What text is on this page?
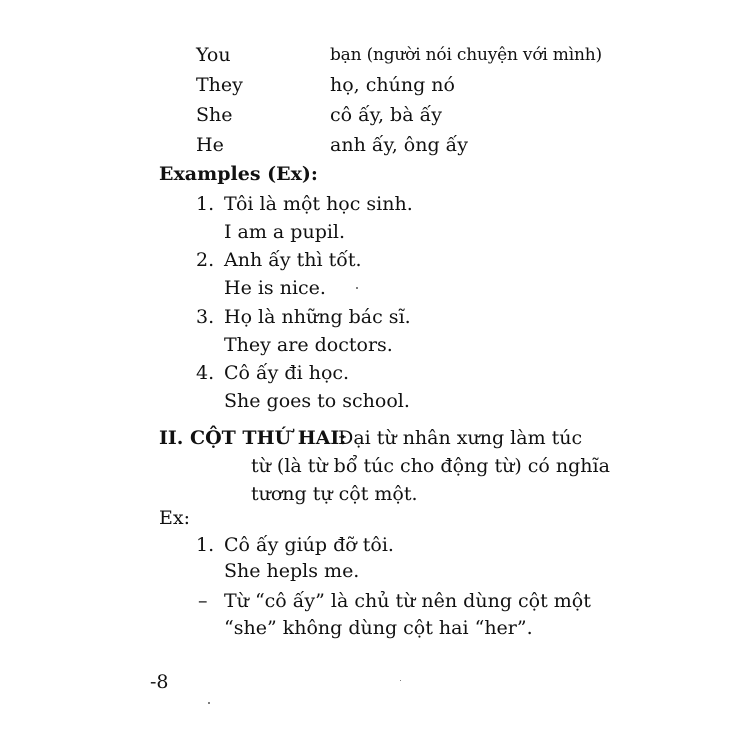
You	bạn (người nói chuyện với mình)

They	họ, chúng nó

She	cô ấy, bà ấy

He	anh ấy, ông ấy

Examples (Ex):

1. Tôi là một học sinh.

I am a pupil.

2. Anh ấy thì tốt.

He is nice.

3. Họ là những bác sĩ.

They are doctors.

4. Cô ấy đi học.

She goes to school.

II. CỘT THỨ HAI:

Đại từ nhân xưng làm túc

từ (là từ bổ túc cho động từ) có nghĩa

tương tự cột một.

Ex:

1. Cô ấy giúp đỡ tôi.

She hepls me.

– Từ “cô ấy” là chủ từ nên dùng cột một

“she” không dùng cột hai “her”.

-8
